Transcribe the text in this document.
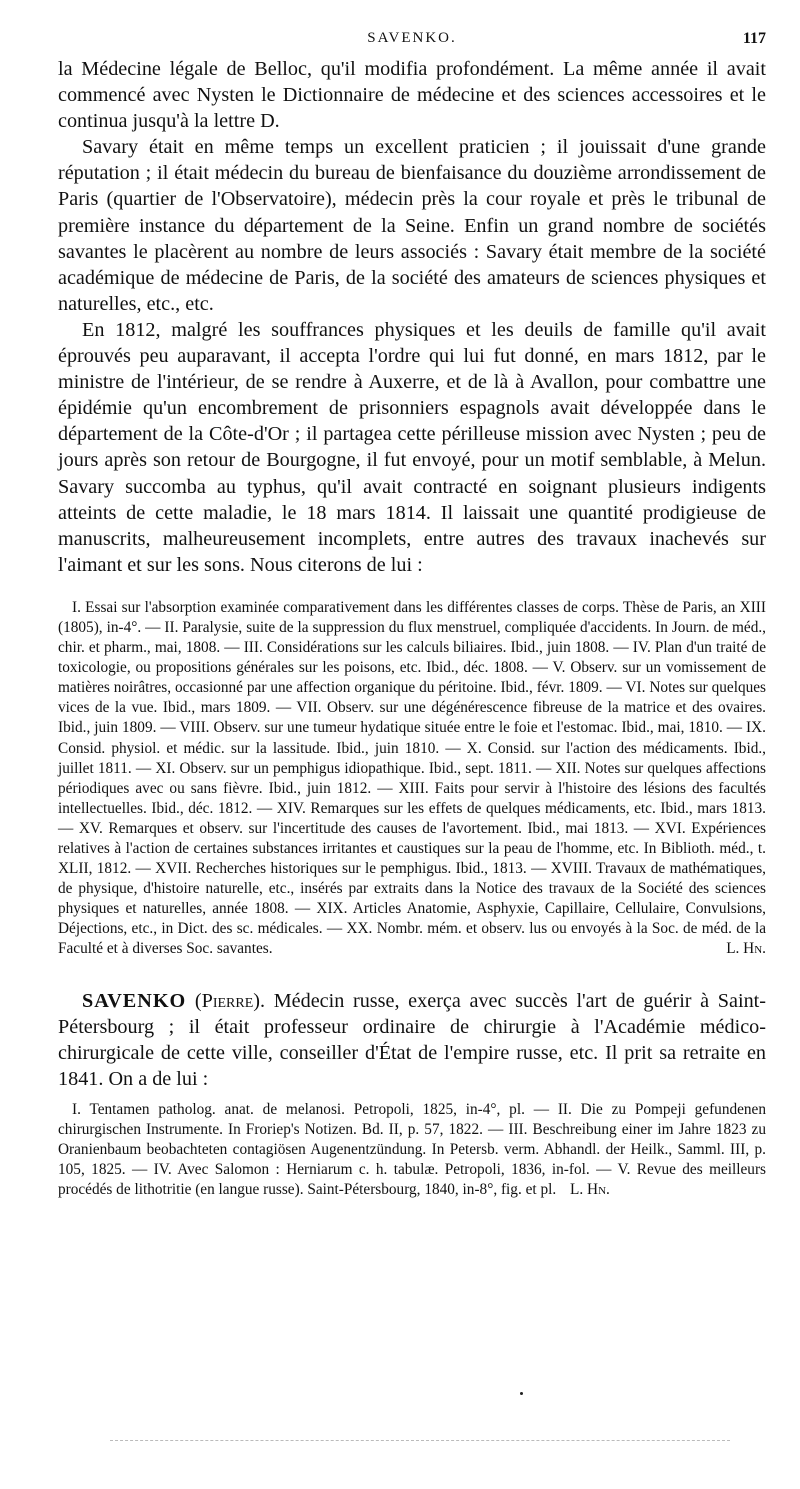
SAVENKO.	117

la Médecine légale de Belloc, qu'il modifia profondément. La même année il avait commencé avec Nysten le Dictionnaire de médecine et des sciences accessoires et le continua jusqu'à la lettre D.

Savary était en même temps un excellent praticien ; il jouissait d'une grande réputation ; il était médecin du bureau de bienfaisance du douzième arrondissement de Paris (quartier de l'Observatoire), médecin près la cour royale et près le tribunal de première instance du département de la Seine. Enfin un grand nombre de sociétés savantes le placèrent au nombre de leurs associés : Savary était membre de la société académique de médecine de Paris, de la société des amateurs de sciences physiques et naturelles, etc., etc.

En 1812, malgré les souffrances physiques et les deuils de famille qu'il avait éprouvés peu auparavant, il accepta l'ordre qui lui fut donné, en mars 1812, par le ministre de l'intérieur, de se rendre à Auxerre, et de là à Avallon, pour combattre une épidémie qu'un encombrement de prisonniers espagnols avait développée dans le département de la Côte-d'Or ; il partagea cette périlleuse mission avec Nysten ; peu de jours après son retour de Bourgogne, il fut envoyé, pour un motif semblable, à Melun. Savary succomba au typhus, qu'il avait contracté en soignant plusieurs indigents atteints de cette maladie, le 18 mars 1814. Il laissait une quantité prodigieuse de manuscrits, malheureusement incomplets, entre autres des travaux inachevés sur l'aimant et sur les sons. Nous citerons de lui :

I. Essai sur l'absorption examinée comparativement dans les différentes classes de corps. Thèse de Paris, an XIII (1805), in-4°. — II. Paralysie, suite de la suppression du flux menstruel, compliquée d'accidents. In Journ. de méd., chir. et pharm., mai, 1808. — III. Considérations sur les calculs biliaires. Ibid., juin 1808. — IV. Plan d'un traité de toxicologie, ou propositions générales sur les poisons, etc. Ibid., déc. 1808. — V. Observ. sur un vomissement de matières noirâtres, occasionné par une affection organique du péritoine. Ibid., févr. 1809. — VI. Notes sur quelques vices de la vue. Ibid., mars 1809. — VII. Observ. sur une dégénérescence fibreuse de la matrice et des ovaires. Ibid., juin 1809. — VIII. Observ. sur une tumeur hydatique située entre le foie et l'estomac. Ibid., mai, 1810. — IX. Consid. physiol. et médic. sur la lassitude. Ibid., juin 1810. — X. Consid. sur l'action des médicaments. Ibid., juillet 1811. — XI. Observ. sur un pemphigus idiopathique. Ibid., sept. 1811. — XII. Notes sur quelques affections périodiques avec ou sans fièvre. Ibid., juin 1812. — XIII. Faits pour servir à l'histoire des lésions des facultés intellectuelles. Ibid., déc. 1812. — XIV. Remarques sur les effets de quelques médicaments, etc. Ibid., mars 1813. — XV. Remarques et observ. sur l'incertitude des causes de l'avortement. Ibid., mai 1813. — XVI. Expériences relatives à l'action de certaines substances irritantes et caustiques sur la peau de l'homme, etc. In Biblioth. méd., t. XLII, 1812. — XVII. Recherches historiques sur le pemphigus. Ibid., 1813. — XVIII. Travaux de mathématiques, de physique, d'histoire naturelle, etc., insérés par extraits dans la Notice des travaux de la Société des sciences physiques et naturelles, année 1808. — XIX. Articles Anatomie, Asphyxie, Capillaire, Cellulaire, Convulsions, Déjections, etc., in Dict. des sc. médicales. — XX. Nombr. mém. et observ. lus ou envoyés à la Soc. de méd. de la Faculté et à diverses Soc. savantes.	L. Hn.
SAVENKO (Pierre). Médecin russe, exerça avec succès l'art de guérir à Saint-Pétersbourg ; il était professeur ordinaire de chirurgie à l'Académie médico-chirurgicale de cette ville, conseiller d'État de l'empire russe, etc. Il prit sa retraite en 1841. On a de lui :
I. Tentamen patholog. anat. de melanosi. Petropoli, 1825, in-4°, pl. — II. Die zu Pompeji gefundenen chirurgischen Instrumente. In Froriep's Notizen. Bd. II, p. 57, 1822. — III. Beschreibung einer im Jahre 1823 zu Oranienbaum beobachteten contagiösen Augenentzündung. In Petersb. verm. Abhandl. der Heilk., Samml. III, p. 105, 1825. — IV. Avec Salomon : Herniarum c. h. tabulæ. Petropoli, 1836, in-fol. — V. Revue des meilleurs procédés de lithotritie (en langue russe). Saint-Pétersbourg, 1840, in-8°, fig. et pl. L. Hn.
